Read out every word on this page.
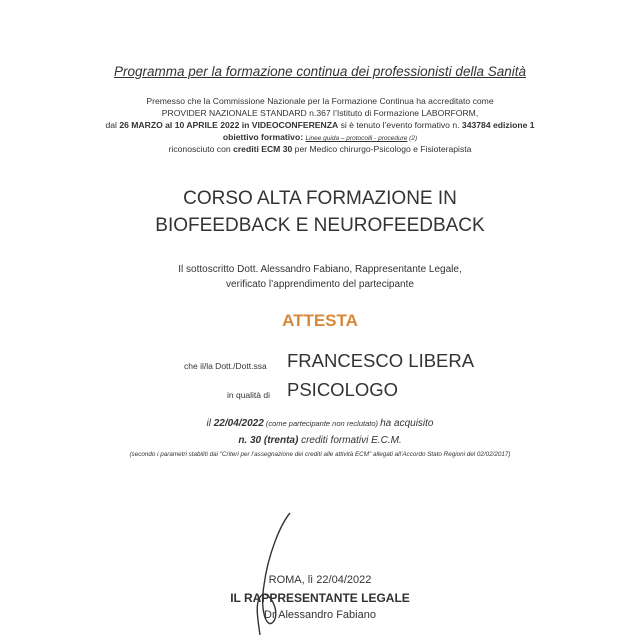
Programma per la formazione continua dei professionisti della Sanità
Premesso che la Commissione Nazionale per la Formazione Continua ha accreditato come
PROVIDER NAZIONALE STANDARD n.367 l’Istituto di Formazione LABORFORM,
dal 26 MARZO al 10 APRILE 2022 in VIDEOCONFERENZA si è tenuto l’evento formativo n. 343784 edizione 1
obiettivo formativo: Linee guida – protocolli - procedure (2)
riconosciuto con crediti ECM 30 per Medico chirurgo-Psicologo e Fisioterapista
CORSO ALTA FORMAZIONE IN
BIOFEEDBACK E NEUROFEEDBACK
Il sottoscritto Dott. Alessandro Fabiano, Rappresentante Legale,
verificato l’apprendimento del partecipante
ATTESTA
che il/la Dott./Dott.ssa FRANCESCO LIBERA
in qualità di PSICOLOGO
il 22/04/2022 (come partecipante non reclutato) ha acquisito
n. 30 (trenta) crediti formativi E.C.M.
(secondo i parametri stabiliti dai "Criteri per l’assegnazione dei crediti alle attività ECM" allegati all’Accordo Stato Regioni del 02/02/2017)
ROMA, lì 22/04/2022
IL RAPPRESENTANTE LEGALE
Dr Alessandro Fabiano
